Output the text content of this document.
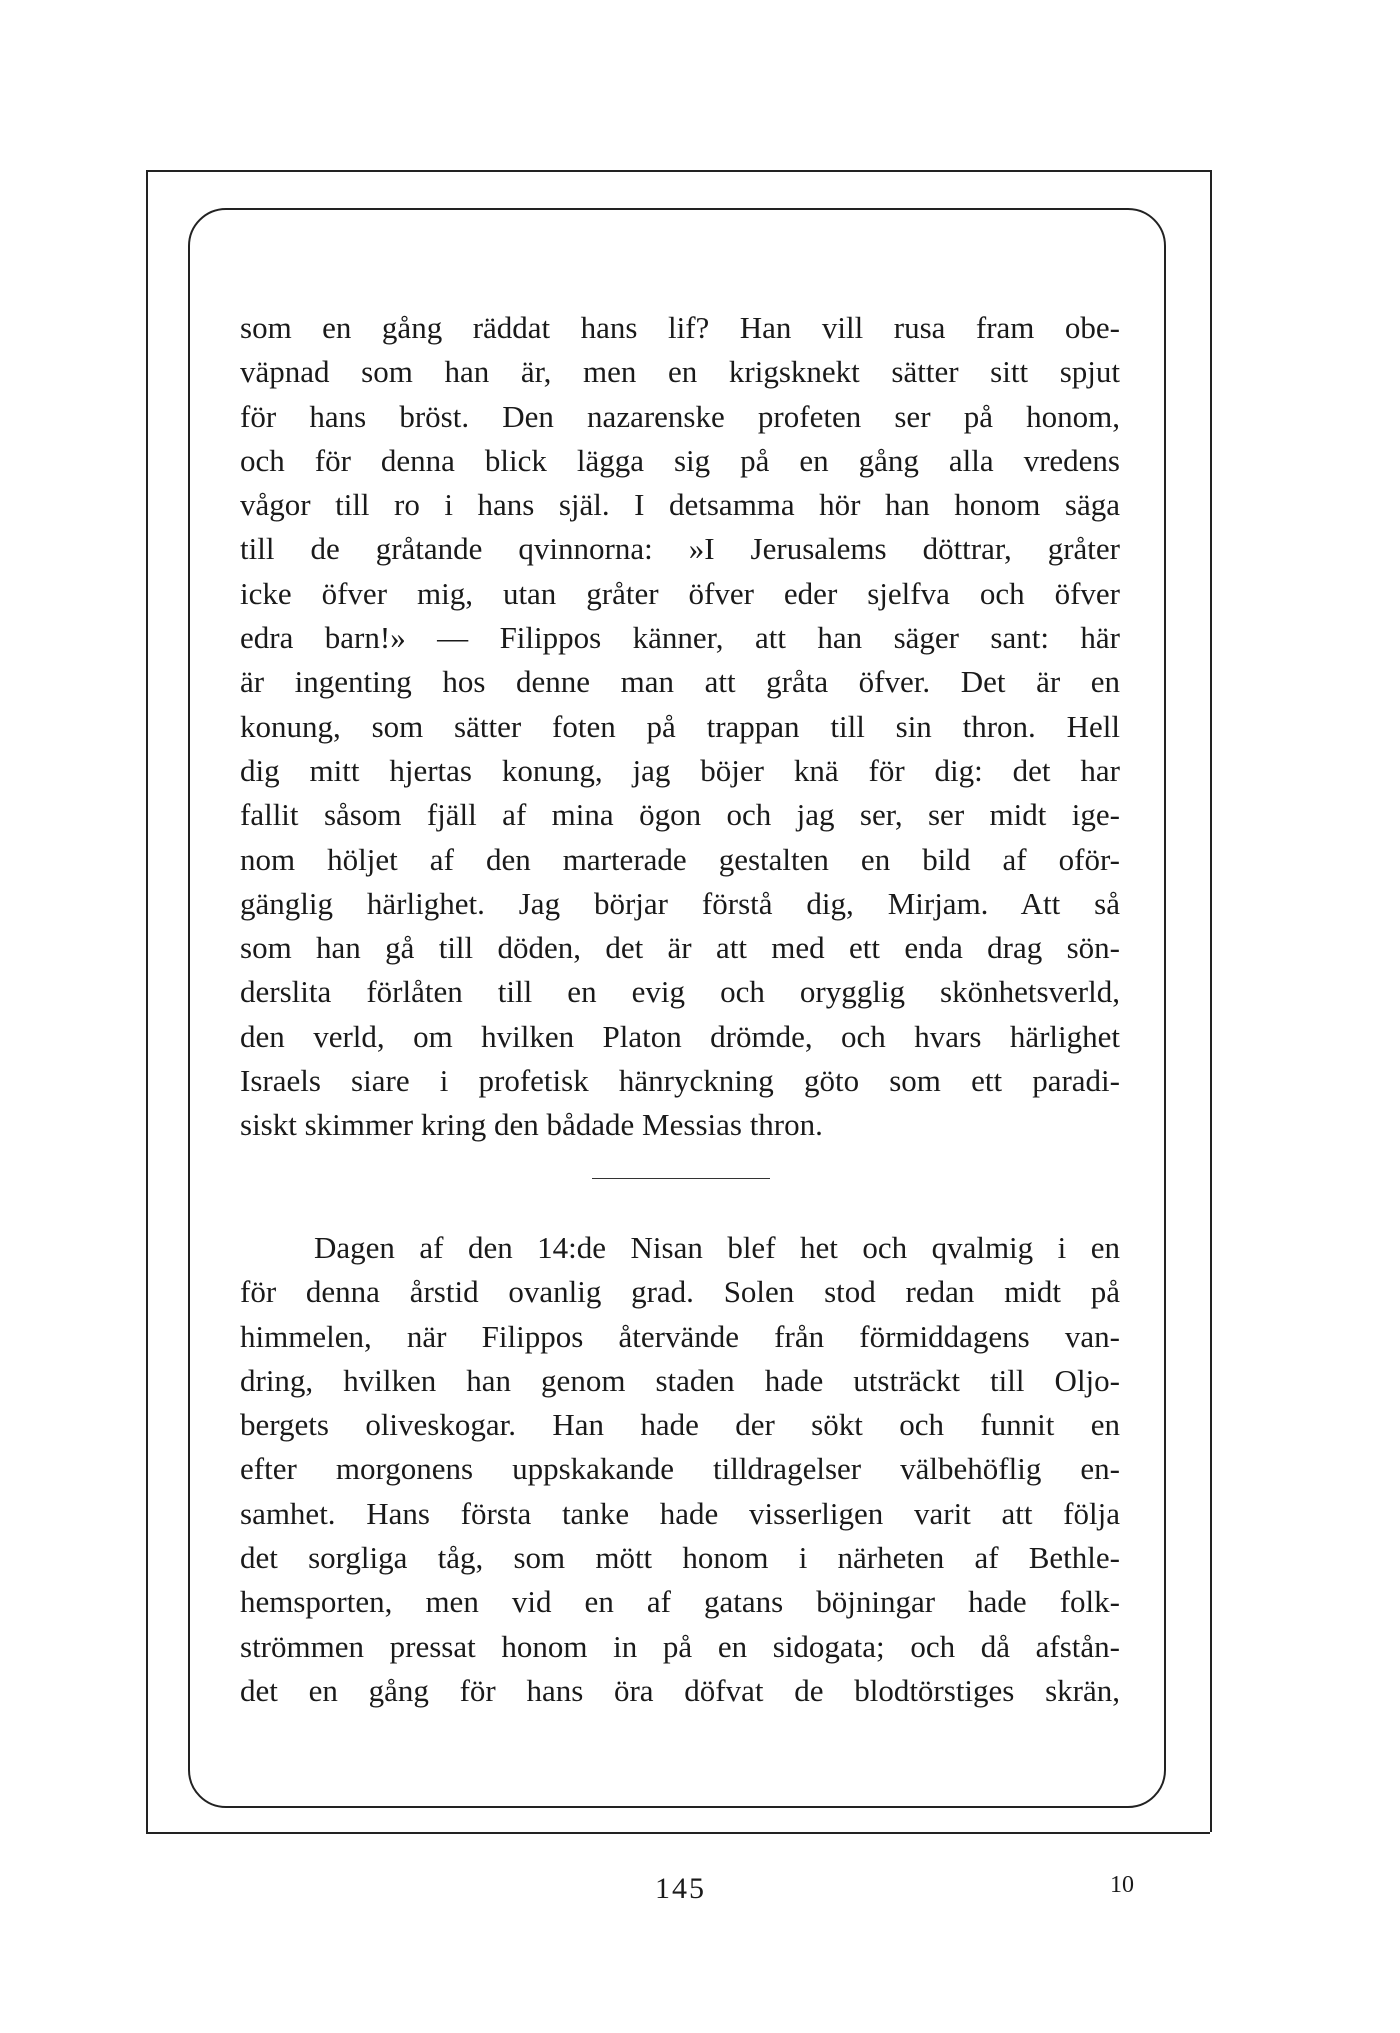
som en gång räddat hans lif? Han vill rusa fram obe-
väpnad som han är, men en krigsknekt sätter sitt spjut
för hans bröst. Den nazarenske profeten ser på honom,
och för denna blick lägga sig på en gång alla vredens
vågor till ro i hans själ. I detsamma hör han honom säga
till de gråtande qvinnorna: »I Jerusalems döttrar, gråter
icke öfver mig, utan gråter öfver eder sjelfva och öfver
edra barn!» — Filippos känner, att han säger sant: här
är ingenting hos denne man att gråta öfver. Det är en
konung, som sätter foten på trappan till sin thron. Hell
dig mitt hjertas konung, jag böjer knä för dig: det har
fallit såsom fjäll af mina ögon och jag ser, ser midt ige-
nom höljet af den marterade gestalten en bild af oför-
gänglig härlighet. Jag börjar förstå dig, Mirjam. Att så
som han gå till döden, det är att med ett enda drag sön-
derslita förlåten till en evig och orygglig skönhetsverld,
den verld, om hvilken Platon drömde, och hvars härlighet
Israels siare i profetisk hänryckning göto som ett paradi-
siskt skimmer kring den bådade Messias thron.
Dagen af den 14:de Nisan blef het och qvalmig i en
för denna årstid ovanlig grad. Solen stod redan midt på
himmelen, när Filippos återvände från förmiddagens van-
dring, hvilken han genom staden hade utsträckt till Oljo-
bergets oliveskogar. Han hade der sökt och funnit en
efter morgonens uppskakande tilldragelser välbehöflig en-
samhet. Hans första tanke hade visserligen varit att följa
det sorgliga tåg, som mött honom i närheten af Bethle-
hemsporten, men vid en af gatans böjningar hade folk-
strömmen pressat honom in på en sidogata; och då afstån-
det en gång för hans öra döfvat de blodtörstiges skrän,
145	10
